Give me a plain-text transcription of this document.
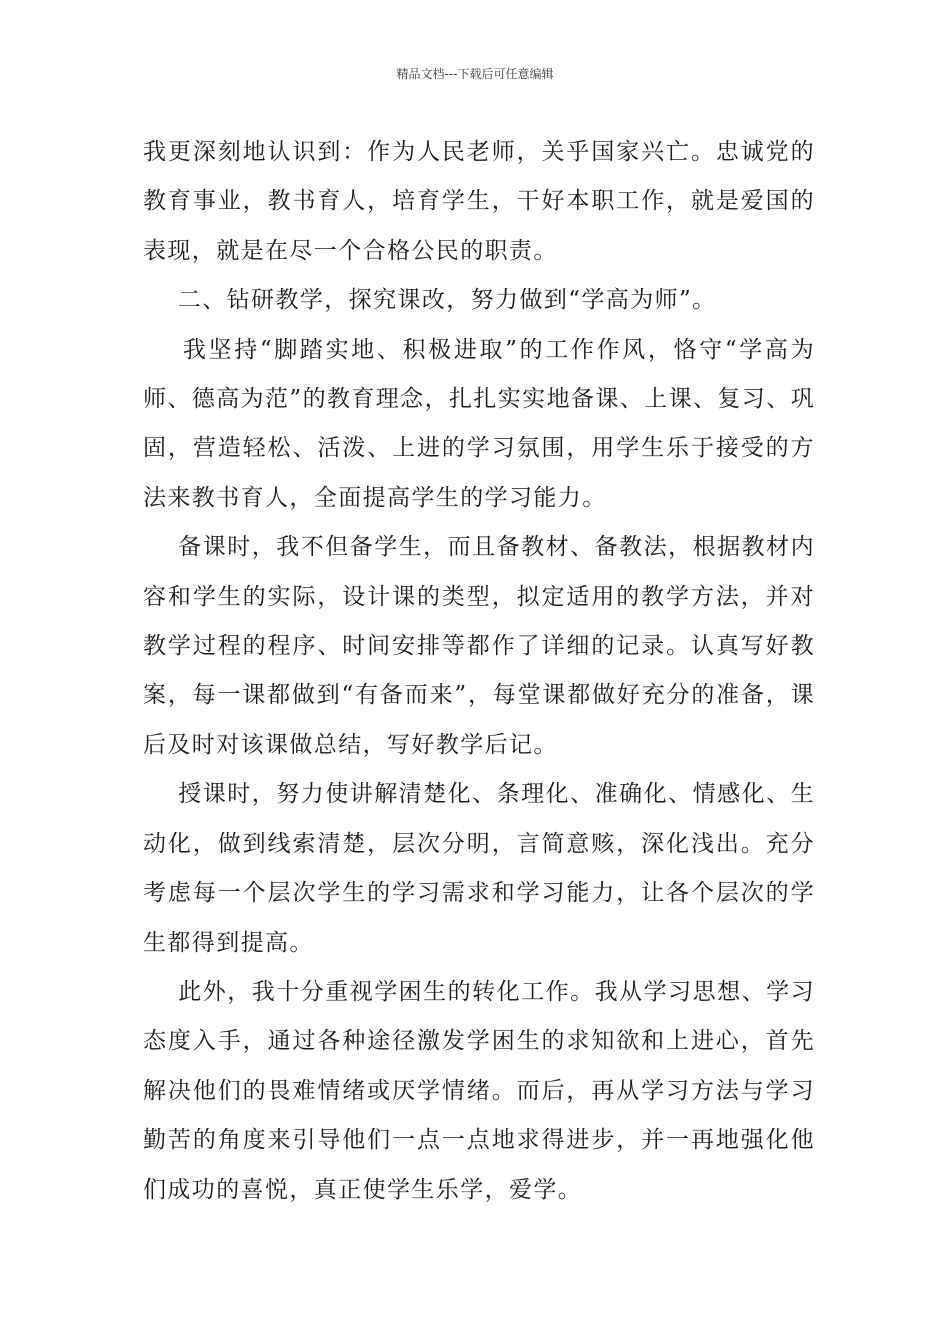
精品文档---下载后可任意编辑

我更深刻地认识到：作为人民老师，关乎国家兴亡。忠诚党的教育事业，教书育人，培育学生，干好本职工作，就是爱国的表现，就是在尽一个合格公民的职责。

二、钻研教学，探究课改，努力做到“学高为师”。

我坚持“脚踏实地、积极进取”的工作作风，恪守“学高为师、德高为范”的教育理念，扎扎实实地备课、上课、复习、巩固，营造轻松、活泼、上进的学习氛围，用学生乐于接受的方法来教书育人，全面提高学生的学习能力。

备课时，我不但备学生，而且备教材、备教法，根据教材内容和学生的实际，设计课的类型，拟定适用的教学方法，并对教学过程的程序、时间安排等都作了详细的记录。认真写好教案，每一课都做到“有备而来”，每堂课都做好充分的准备，课后及时对该课做总结，写好教学后记。

授课时，努力使讲解清楚化、条理化、准确化、情感化、生动化，做到线索清楚，层次分明，言简意赅，深化浅出。充分考虑每一个层次学生的学习需求和学习能力，让各个层次的学生都得到提高。

此外，我十分重视学困生的转化工作。我从学习思想、学习态度入手，通过各种途径激发学困生的求知欲和上进心，首先解决他们的畏难情绪或厌学情绪。而后，再从学习方法与学习勤苦的角度来引导他们一点一点地求得进步，并一再地强化他们成功的喜悦，真正使学生乐学，爱学。
